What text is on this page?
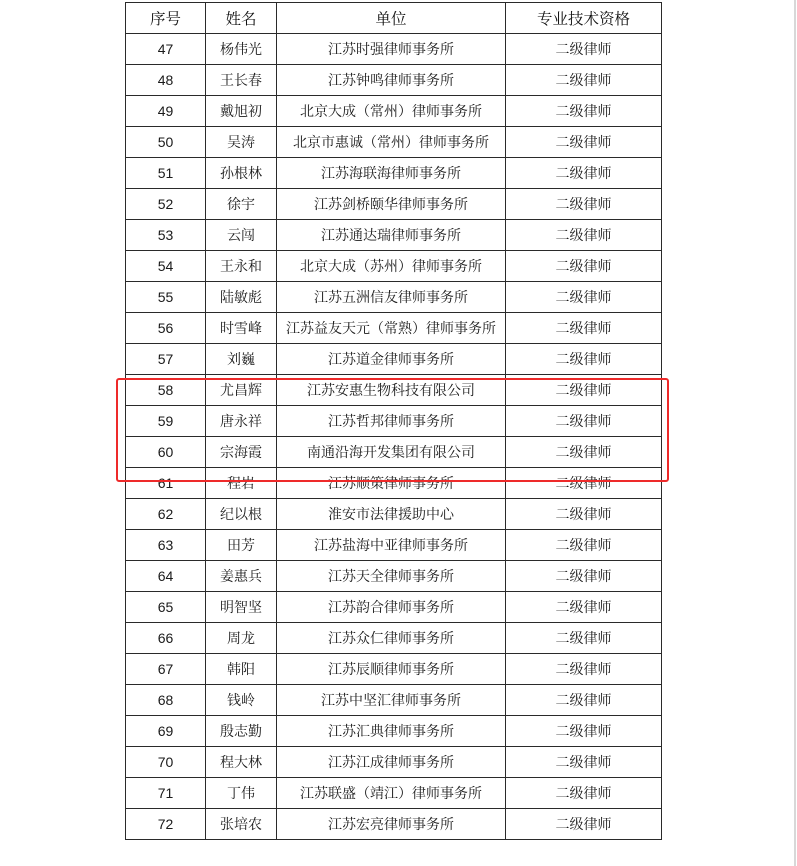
序号	姓名	单位	专业技术资格
47	杨伟光	江苏时强律师事务所	二级律师
48	王长春	江苏钟鸣律师事务所	二级律师
49	戴旭初	北京大成（常州）律师事务所	二级律师
50	吴涛	北京市惠诚（常州）律师事务所	二级律师
51	孙根林	江苏海联海律师事务所	二级律师
52	徐宇	江苏剑桥颐华律师事务所	二级律师
53	云闯	江苏通达瑞律师事务所	二级律师
54	王永和	北京大成（苏州）律师事务所	二级律师
55	陆敏彪	江苏五洲信友律师事务所	二级律师
56	时雪峰	江苏益友天元（常熟）律师事务所	二级律师
57	刘巍	江苏道金律师事务所	二级律师
58	尤昌辉	江苏安惠生物科技有限公司	二级律师
59	唐永祥	江苏哲邦律师事务所	二级律师
60	宗海霞	南通沿海开发集团有限公司	二级律师
61	程岩	江苏顺策律师事务所	二级律师
62	纪以根	淮安市法律援助中心	二级律师
63	田芳	江苏盐海中亚律师事务所	二级律师
64	姜惠兵	江苏天全律师事务所	二级律师
65	明智坚	江苏韵合律师事务所	二级律师
66	周龙	江苏众仁律师事务所	二级律师
67	韩阳	江苏辰顺律师事务所	二级律师
68	钱岭	江苏中坚汇律师事务所	二级律师
69	殷志勤	江苏汇典律师事务所	二级律师
70	程大林	江苏江成律师事务所	二级律师
71	丁伟	江苏联盛（靖江）律师事务所	二级律师
72	张培农	江苏宏亮律师事务所	二级律师
